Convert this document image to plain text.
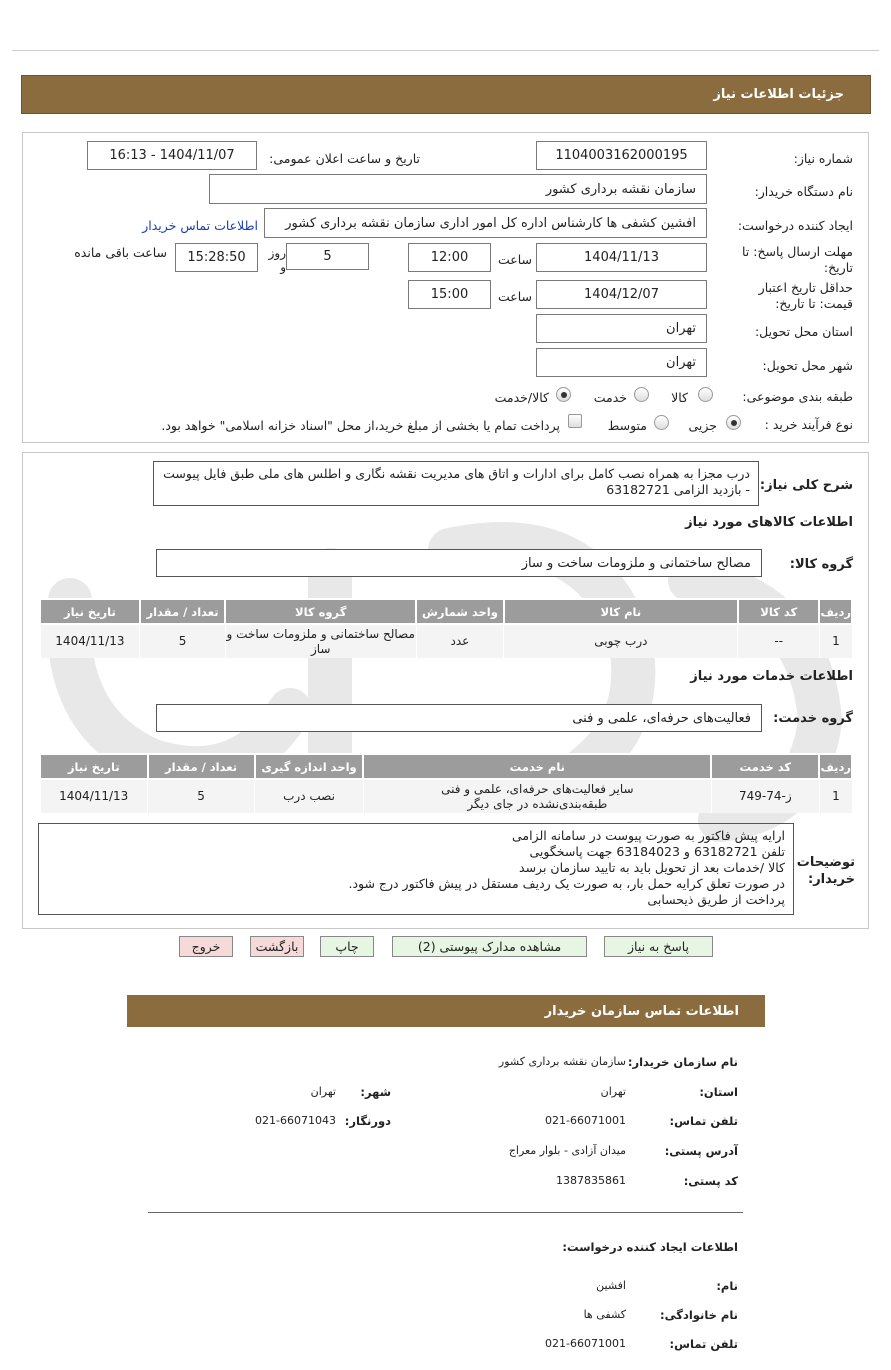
جزئیات اطلاعات نیاز
شماره نیاز:
1104003162000195
تاریخ و ساعت اعلان عمومی:
1404/11/07 - 16:13
نام دستگاه خریدار:
سازمان نقشه برداری کشور
ایجاد کننده درخواست:
افشین کشفی ها کارشناس اداره کل امور اداری سازمان نقشه برداری کشور
اطلاعات تماس خریدار
مهلت ارسال پاسخ: تا تاریخ:
1404/11/13
ساعت
12:00
5
روز و
15:28:50
ساعت باقی مانده
حداقل تاریخ اعتبار قیمت: تا تاریخ:
1404/12/07
ساعت
15:00
استان محل تحویل:
تهران
شهر محل تحویل:
تهران
طبقه بندی موضوعی:
کالا
خدمت
کالا/خدمت
نوع فرآیند خرید :
جزیی
متوسط
پرداخت تمام یا بخشی از مبلغ خرید،از محل "اسناد خزانه اسلامی" خواهد بود.
شرح کلی نیاز:
درب مجزا به همراه نصب کامل برای ادارات و اتاق های مدیریت نقشه نگاری و اطلس های ملی طبق فایل پیوست - بازدید الزامی 63182721
اطلاعات کالاهای مورد نیاز
گروه کالا:
مصالح ساختمانی و ملزومات ساخت و ساز
ردیف	کد کالا	نام کالا	واحد شمارش	گروه کالا	تعداد / مقدار	تاریخ نیاز
1	--	درب چوبی	عدد	مصالح ساختمانی و ملزومات ساخت و ساز	5	1404/11/13
اطلاعات خدمات مورد نیاز
گروه خدمت:
فعالیت‌های حرفه‌ای، علمی و فنی
ردیف	کد خدمت	نام خدمت	واحد اندازه گیری	تعداد / مقدار	تاریخ نیاز
1	ز-74-749	سایر فعالیت‌های حرفه‌ای، علمی و فنی طبقه‌بندی‌نشده در جای دیگر	نصب درب	5	1404/11/13
توضیحات خریدار:
ارایه پیش فاکتور به صورت پیوست در سامانه الزامی
تلفن 63182721 و 63184023 جهت پاسخگویی
کالا /خدمات بعد از تحویل باید به تایید سازمان برسد
در صورت تعلق کرایه حمل بار، به صورت یک ردیف مستقل در پیش فاکتور درج شود.
پرداخت از طریق ذیحسابی
پاسخ به نیاز
مشاهده مدارک پیوستی (2)
چاپ
بازگشت
خروج
اطلاعات تماس سازمان خریدار
نام سازمان خریدار:
سازمان نقشه برداری کشور
استان:
تهران
شهر:
تهران
تلفن تماس:
021-66071001
دورنگار:
021-66071043
آدرس پستی:
میدان آزادی - بلوار معراج
کد پستی:
1387835861
اطلاعات ایجاد کننده درخواست:
نام:
افشین
نام خانوادگی:
کشفی ها
تلفن تماس:
021-66071001
